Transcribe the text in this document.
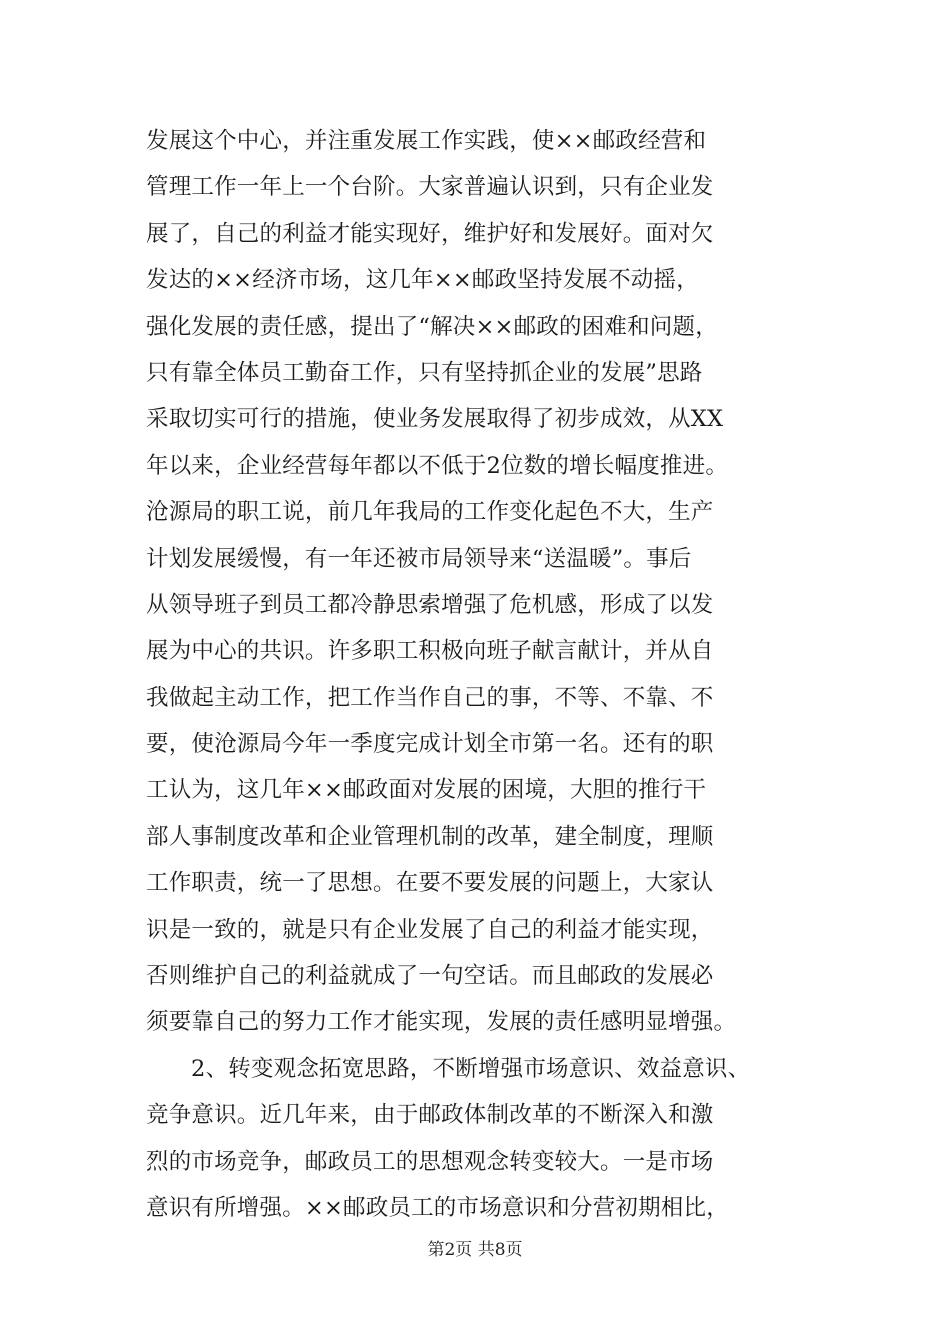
发展这个中心，并注重发展工作实践，使××邮政经营和
管理工作一年上一个台阶。大家普遍认识到，只有企业发
展了，自己的利益才能实现好，维护好和发展好。面对欠
发达的××经济市场，这几年××邮政坚持发展不动摇，
强化发展的责任感，提出了“解决××邮政的困难和问题，
只有靠全体员工勤奋工作，只有坚持抓企业的发展”思路
采取切实可行的措施，使业务发展取得了初步成效，从XX
年以来，企业经营每年都以不低于2位数的增长幅度推进。
沧源局的职工说，前几年我局的工作变化起色不大，生产
计划发展缓慢，有一年还被市局领导来“送温暖”。事后
从领导班子到员工都冷静思索增强了危机感，形成了以发
展为中心的共识。许多职工积极向班子献言献计，并从自
我做起主动工作，把工作当作自己的事，不等、不靠、不
要，使沧源局今年一季度完成计划全市第一名。还有的职
工认为，这几年××邮政面对发展的困境，大胆的推行干
部人事制度改革和企业管理机制的改革，建全制度，理顺
工作职责，统一了思想。在要不要发展的问题上，大家认
识是一致的，就是只有企业发展了自己的利益才能实现，
否则维护自己的利益就成了一句空话。而且邮政的发展必
须要靠自己的努力工作才能实现，发展的责任感明显增强。
2、转变观念拓宽思路，不断增强市场意识、效益意识、
竞争意识。近几年来，由于邮政体制改革的不断深入和激
烈的市场竞争，邮政员工的思想观念转变较大。一是市场
意识有所增强。××邮政员工的市场意识和分营初期相比，
第2页 共8页
